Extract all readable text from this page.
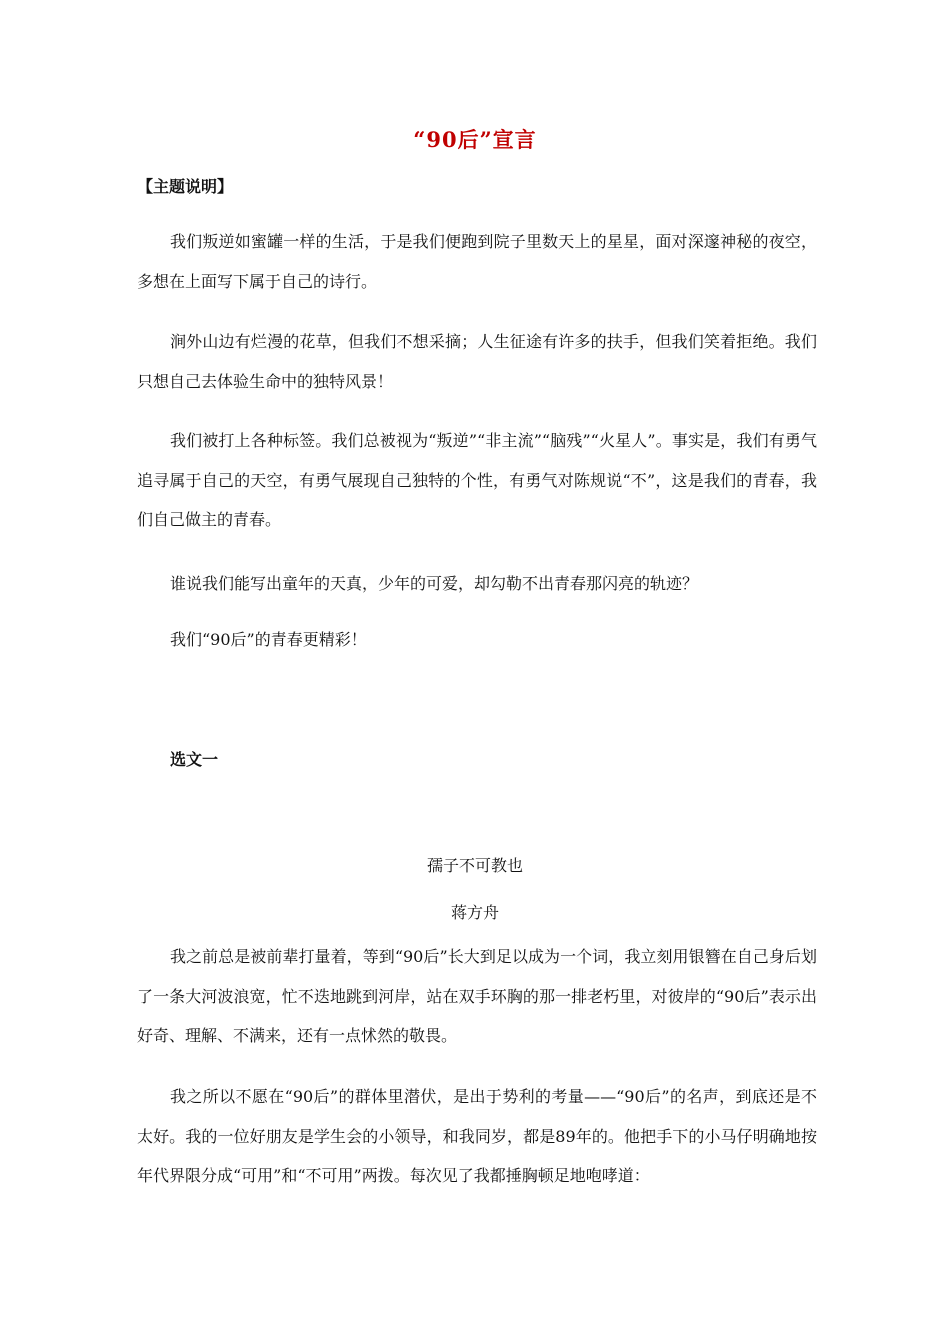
“90后”宣言
【主题说明】
我们叛逆如蜜罐一样的生活，于是我们便跑到院子里数天上的星星，面对深邃神秘的夜空，多想在上面写下属于自己的诗行。
涧外山边有烂漫的花草，但我们不想采摘；人生征途有许多的扶手，但我们笑着拒绝。我们只想自己去体验生命中的独特风景！
我们被打上各种标签。我们总被视为“叛逆”“非主流”“脑残”“火星人”。事实是，我们有勇气追寻属于自己的天空，有勇气展现自己独特的个性，有勇气对陈规说“不”，这是我们的青春，我们自己做主的青春。
谁说我们能写出童年的天真，少年的可爱，却勾勒不出青春那闪亮的轨迹？
我们“90后”的青春更精彩！
选文一
孺子不可教也
蒋方舟
我之前总是被前辈打量着，等到“90后”长大到足以成为一个词，我立刻用银簪在自己身后划了一条大河波浪宽，忙不迭地跳到河岸，站在双手环胸的那一排老朽里，对彼岸的“90后”表示出好奇、理解、不满来，还有一点怵然的敬畏。
我之所以不愿在“90后”的群体里潜伏，是出于势利的考量——“90后”的名声，到底还是不太好。我的一位好朋友是学生会的小领导，和我同岁，都是89年的。他把手下的小马仔明确地按年代界限分成“可用”和“不可用”两拨。每次见了我都捶胸顿足地咆哮道：
